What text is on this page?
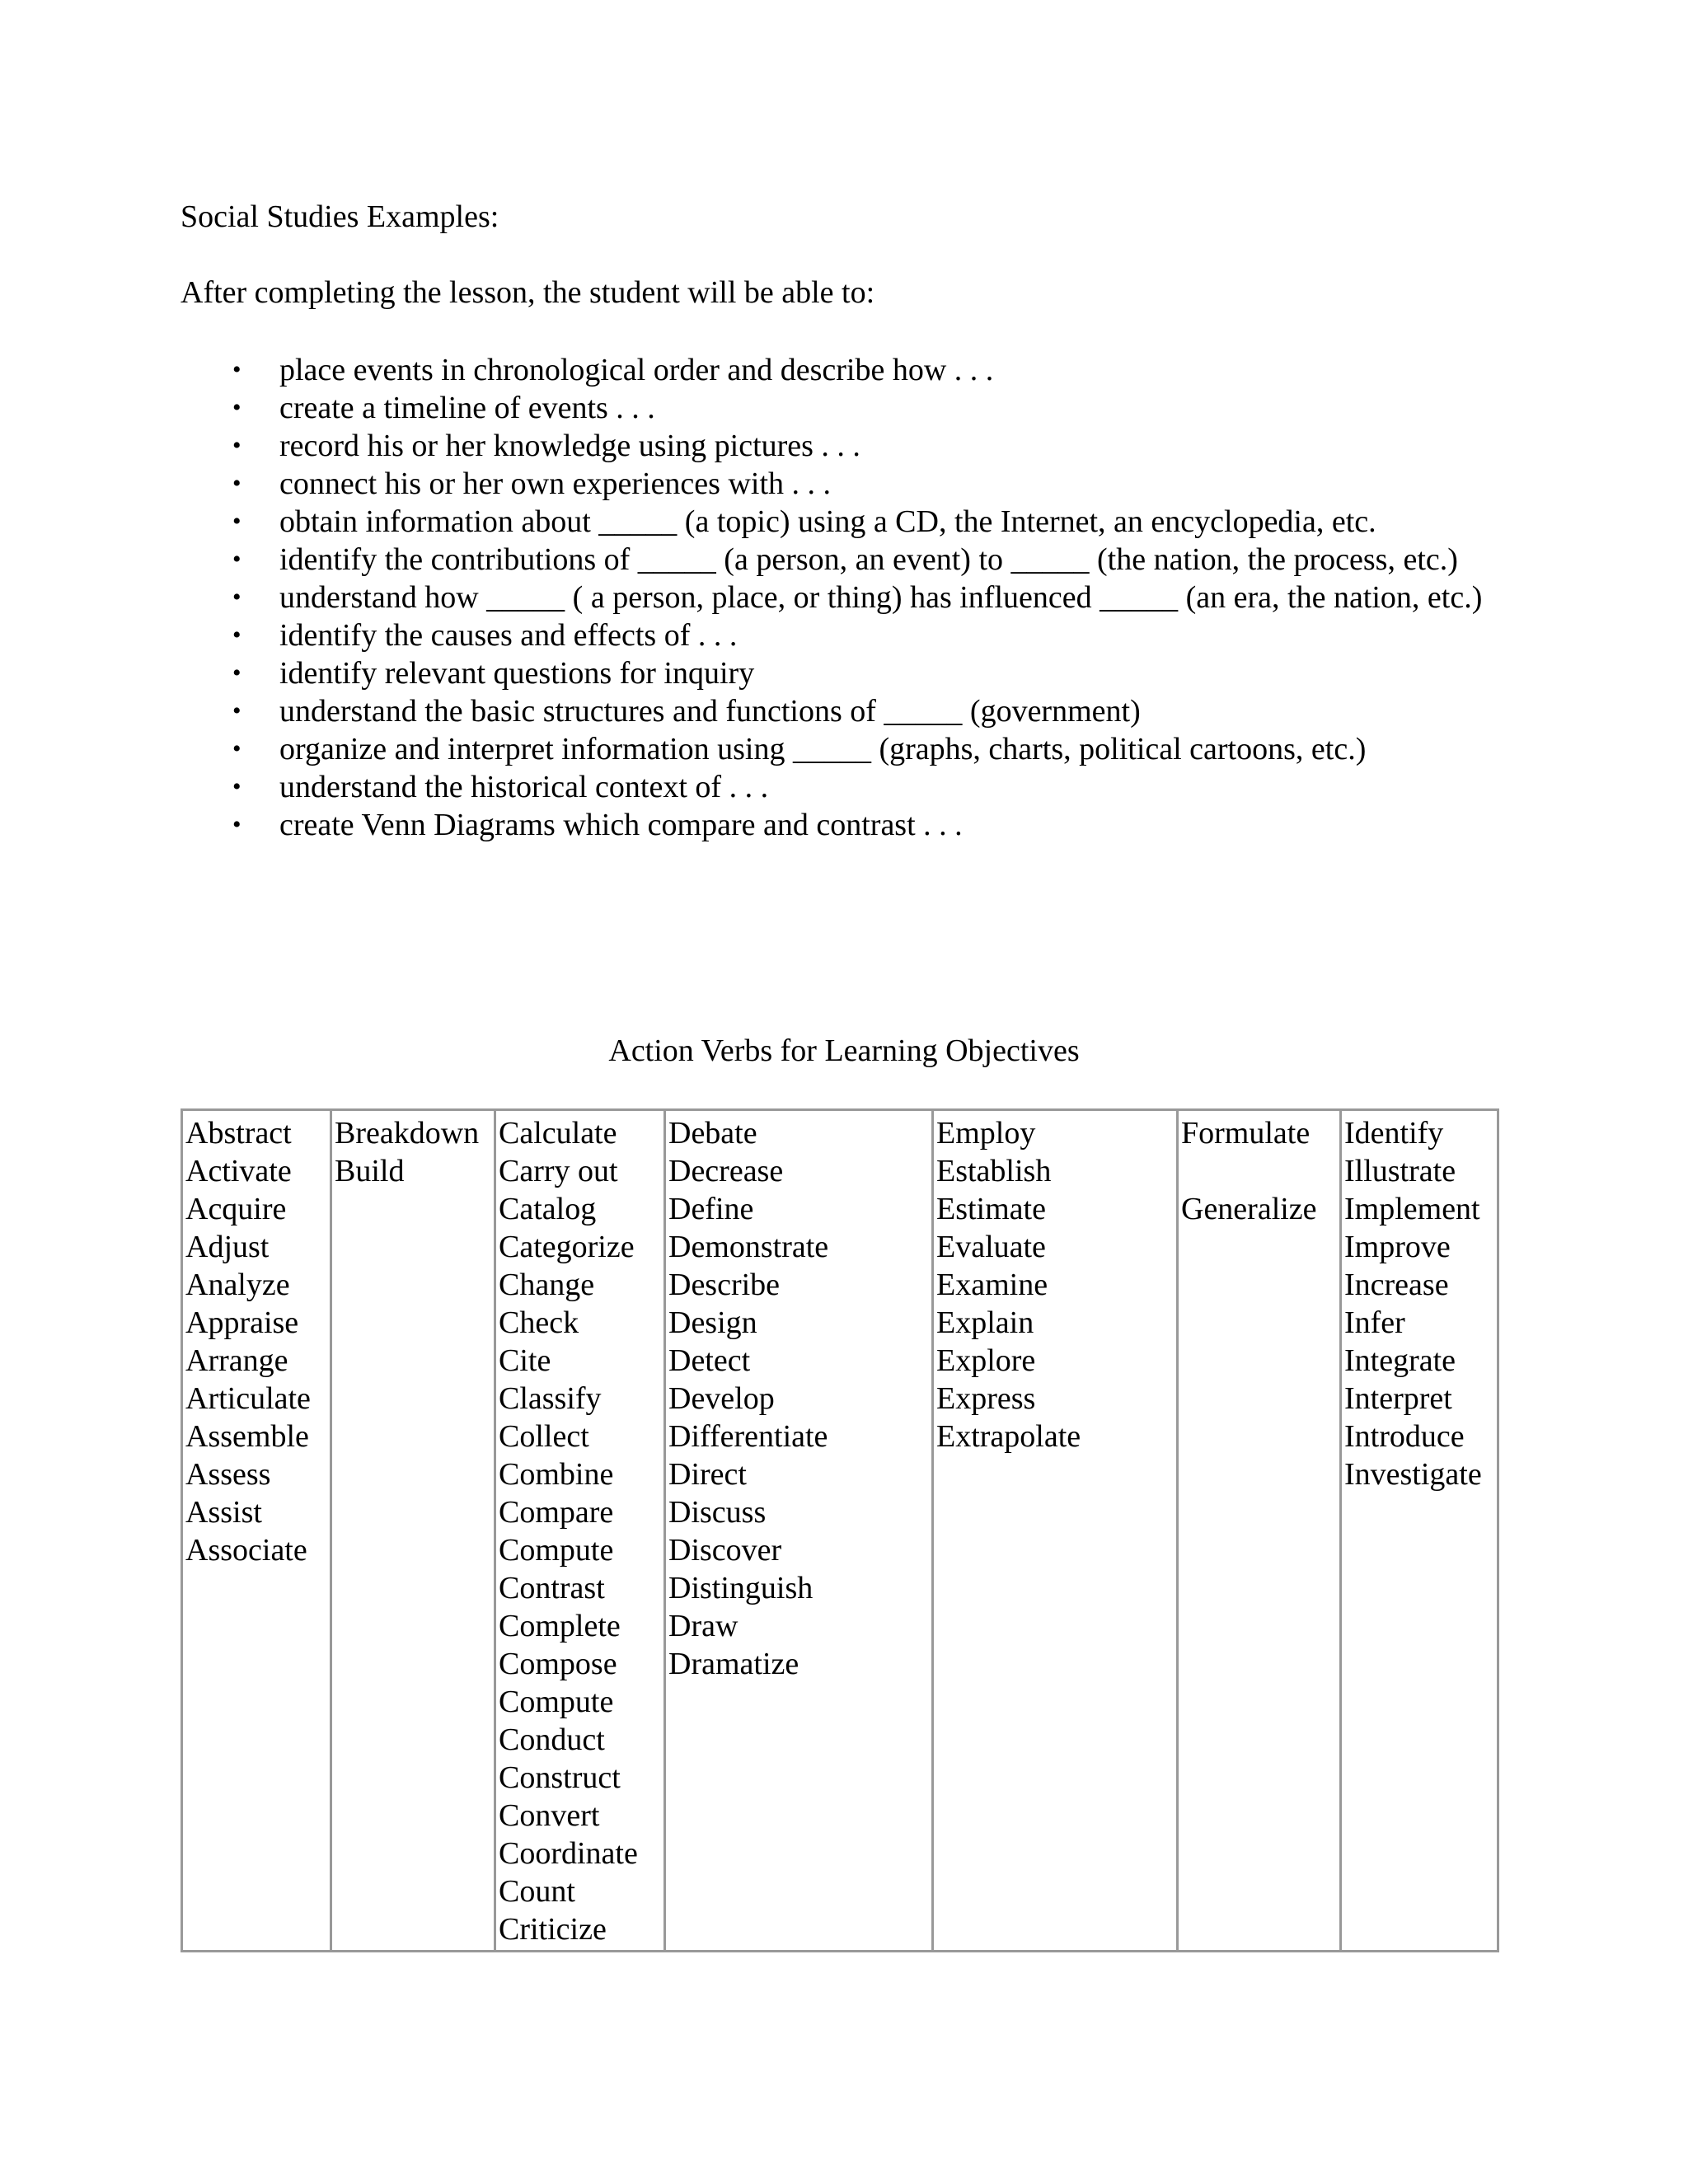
Social Studies Examples:
After completing the lesson, the student will be able to:
• place events in chronological order and describe how . . .
• create a timeline of events . . .
• record his or her knowledge using pictures . . .
• connect his or her own experiences with . . .
• obtain information about _____ (a topic) using a CD, the Internet, an encyclopedia, etc.
• identify the contributions of _____ (a person, an event) to _____ (the nation, the process, etc.)
• understand how _____ ( a person, place, or thing) has influenced _____ (an era, the nation, etc.)
• identify the causes and effects of . . .
• identify relevant questions for inquiry
• understand the basic structures and functions of _____ (government)
• organize and interpret information using _____ (graphs, charts, political cartoons, etc.)
• understand the historical context of . . .
• create Venn Diagrams which compare and contrast . . .
Action Verbs for Learning Objectives
Abstract
Activate
Acquire
Adjust
Analyze
Appraise
Arrange
Articulate
Assemble
Assess
Assist
Associate
Breakdown
Build
Calculate
Carry out
Catalog
Categorize
Change
Check
Cite
Classify
Collect
Combine
Compare
Compute
Contrast
Complete
Compose
Compute
Conduct
Construct
Convert
Coordinate
Count
Criticize
Debate
Decrease
Define
Demonstrate
Describe
Design
Detect
Develop
Differentiate
Direct
Discuss
Discover
Distinguish
Draw
Dramatize
Employ
Establish
Estimate
Evaluate
Examine
Explain
Explore
Express
Extrapolate
Formulate
Generalize
Identify
Illustrate
Implement
Improve
Increase
Infer
Integrate
Interpret
Introduce
Investigate
